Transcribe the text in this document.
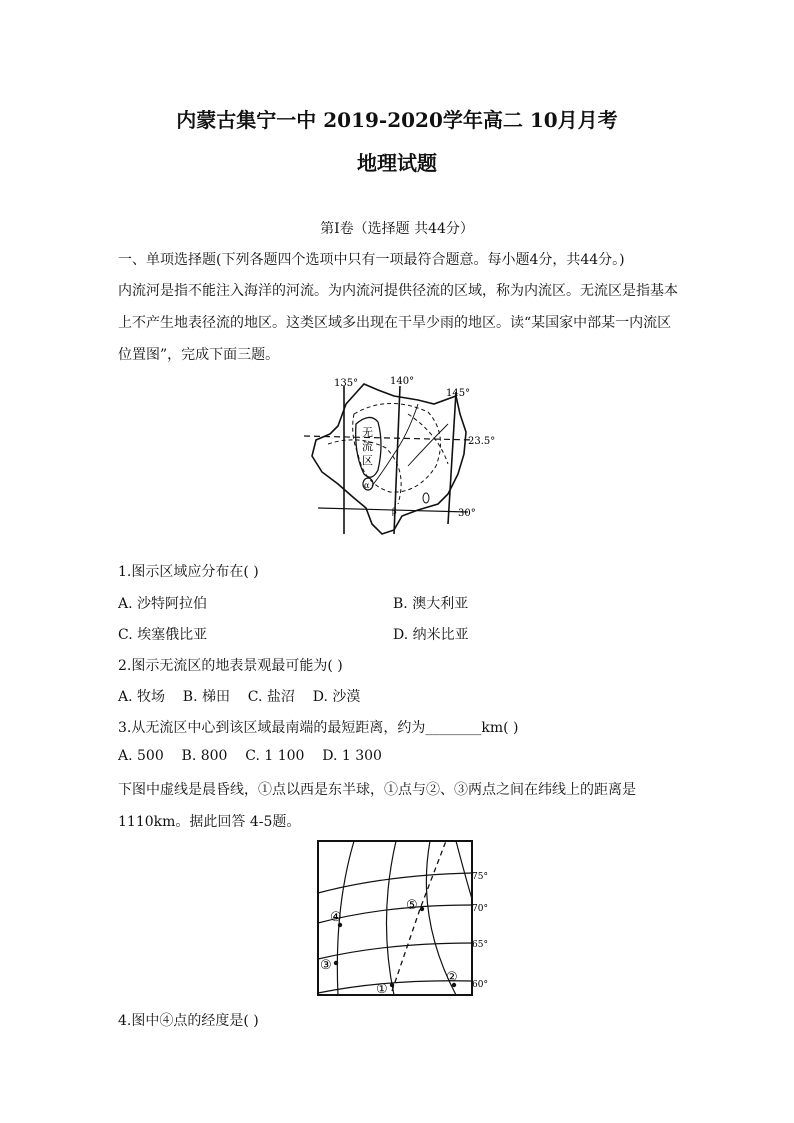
内蒙古集宁一中 2019-2020学年高二 10月月考
地理试题
第Ⅰ卷（选择题 共44分）
一、单项选择题(下列各题四个选项中只有一项最符合题意。每小题4分，共44分。)
内流河是指不能注入海洋的河流。为内流河提供径流的区域，称为内流区。无流区是指基本
上不产生地表径流的地区。这类区域多出现在干旱少雨的地区。读“某国家中部某一内流区
位置图”，完成下面三题。
135°	140°
145°
23.5°
30°
无
流
区
α
β
1.图示区域应分布在( )
A. 沙特阿拉伯	B. 澳大利亚
C. 埃塞俄比亚	D. 纳米比亚
2.图示无流区的地表景观最可能为( )
A. 牧场    B. 梯田    C. 盐沼    D. 沙漠
3.从无流区中心到该区域最南端的最短距离，约为________km( )
A. 500    B. 800    C. 1 100    D. 1 300
下图中虚线是晨昏线，①点以西是东半球，①点与②、③两点之间在纬线上的距离是
1110km。据此回答 4-5题。
①
②
③
④
⑤
75°
70°
65°
60°
4.图中④点的经度是( )
